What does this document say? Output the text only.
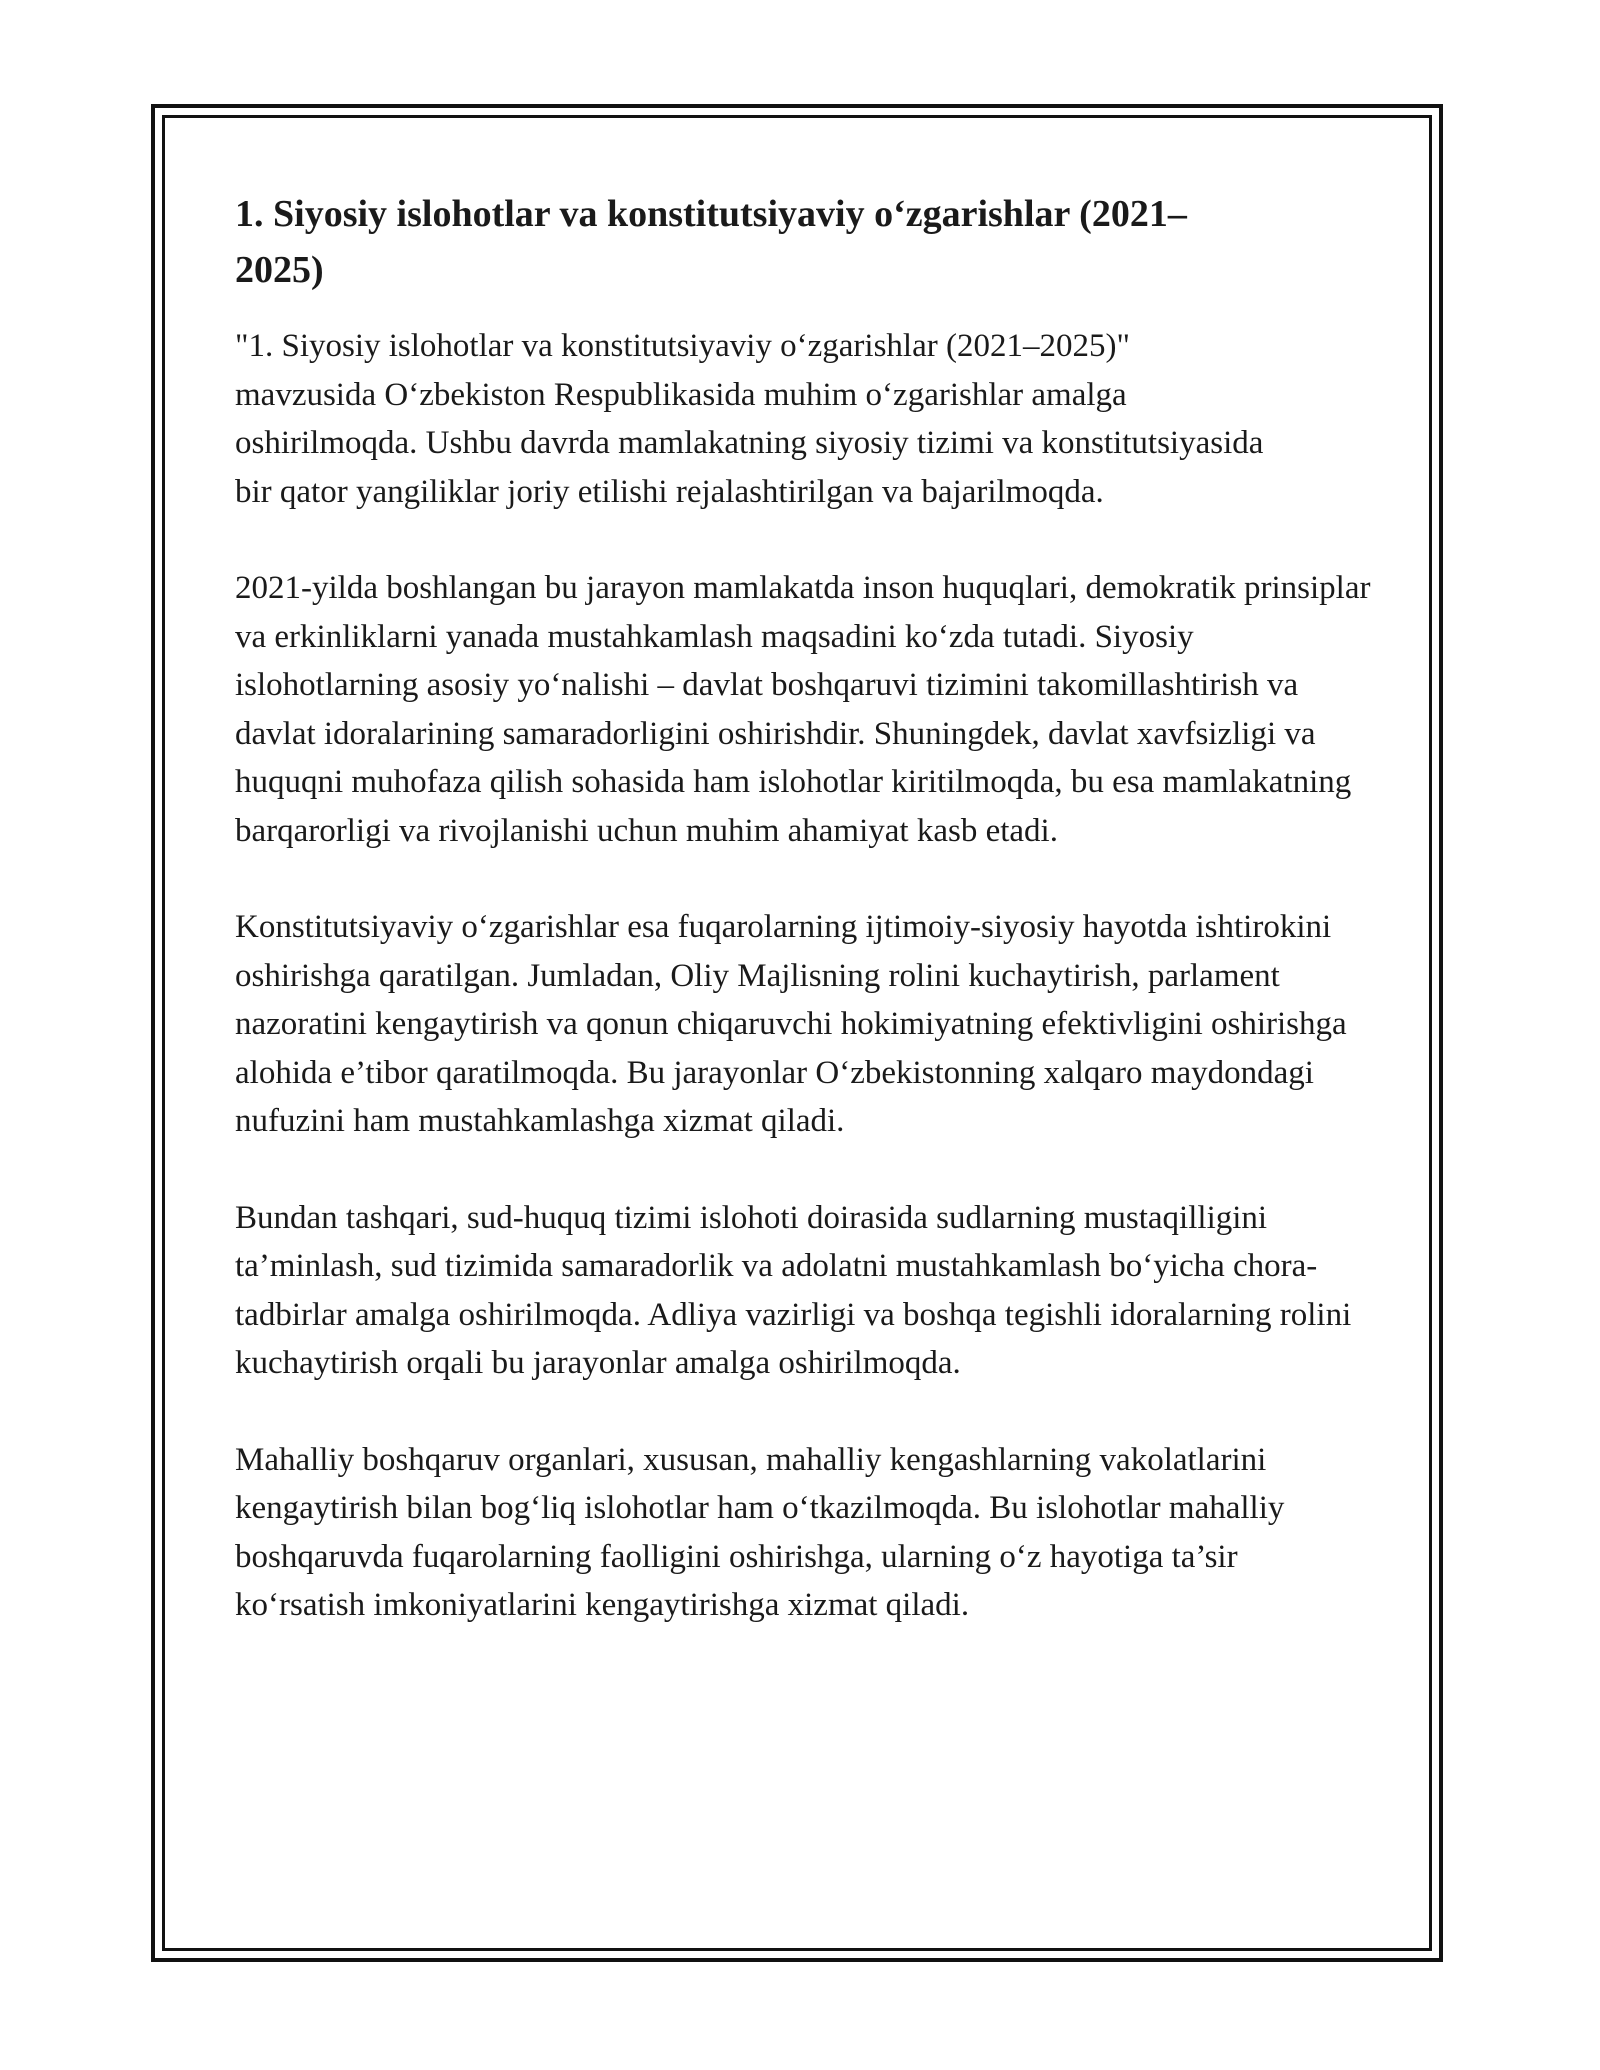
1. Siyosiy islohotlar va konstitutsiyaviy o‘zgarishlar (2021–
2025)

"1. Siyosiy islohotlar va konstitutsiyaviy o‘zgarishlar (2021–2025)" mavzusida O‘zbekiston Respublikasida muhim o‘zgarishlar amalga oshirilmoqda. Ushbu davrda mamlakatning siyosiy tizimi va konstitutsiyasida bir qator yangiliklar joriy etilishi rejalashtirilgan va bajarilmoqda.

2021-yilda boshlangan bu jarayon mamlakatda inson huquqlari, demokratik prinsiplar va erkinliklarni yanada mustahkamlash maqsadini ko‘zda tutadi. Siyosiy islohotlarning asosiy yo‘nalishi – davlat boshqaruvi tizimini takomillashtirish va davlat idoralarining samaradorligini oshirishdir. Shuningdek, davlat xavfsizligi va huquqni muhofaza qilish sohasida ham islohotlar kiritilmoqda, bu esa mamlakatning barqarorligi va rivojlanishi uchun muhim ahamiyat kasb etadi.

Konstitutsiyaviy o‘zgarishlar esa fuqarolarning ijtimoiy-siyosiy hayotda ishtirokini oshirishga qaratilgan. Jumladan, Oliy Majlisning rolini kuchaytirish, parlament nazoratini kengaytirish va qonun chiqaruvchi hokimiyatning efektivligini oshirishga alohida e’tibor qaratilmoqda. Bu jarayonlar O‘zbekistonning xalqaro maydondagi nufuzini ham mustahkamlashga xizmat qiladi.

Bundan tashqari, sud-huquq tizimi islohoti doirasida sudlarning mustaqilligini ta’minlash, sud tizimida samaradorlik va adolatni mustahkamlash bo‘yicha chora-tadbirlar amalga oshirilmoqda. Adliya vazirligi va boshqa tegishli idoralarning rolini kuchaytirish orqali bu jarayonlar amalga oshirilmoqda.

Mahalliy boshqaruv organlari, xususan, mahalliy kengashlarning vakolatlarini kengaytirish bilan bog‘liq islohotlar ham o‘tkazilmoqda. Bu islohotlar mahalliy boshqaruvda fuqarolarning faolligini oshirishga, ularning o‘z hayotiga ta’sir ko‘rsatish imkoniyatlarini kengaytirishga xizmat qiladi.
